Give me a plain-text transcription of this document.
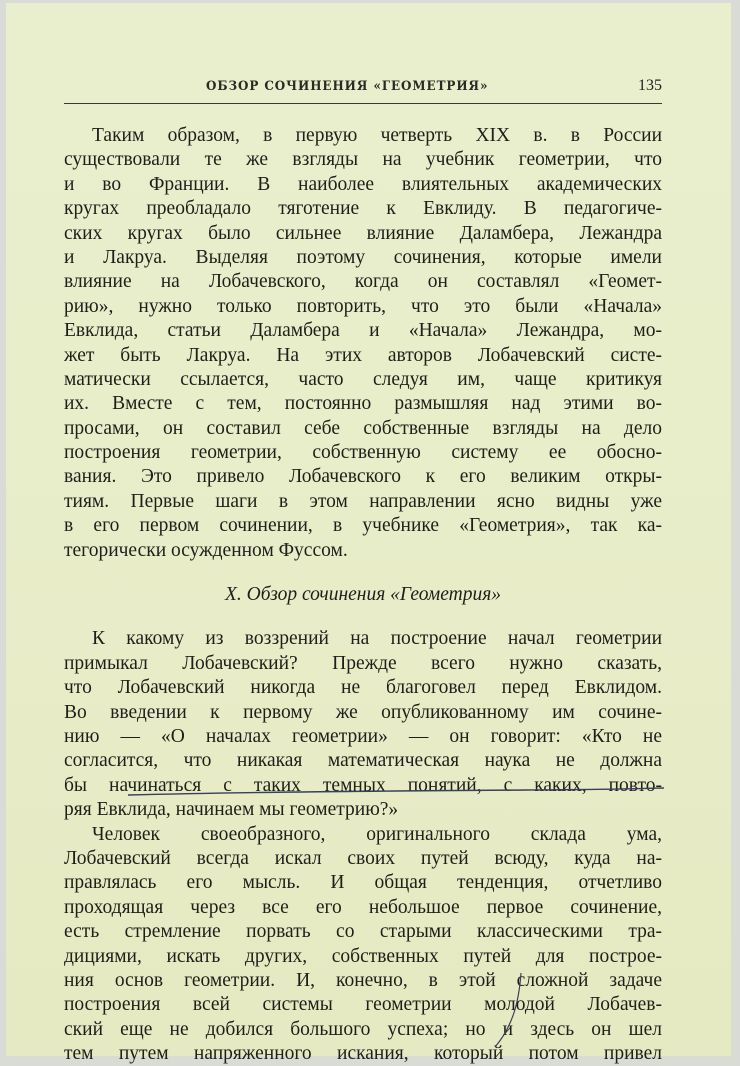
ОБЗОР СОЧИНЕНИЯ «ГЕОМЕТРИЯ»	135
Таким образом, в первую четверть XIX в. в России
существовали те же взгляды на учебник геометрии, что
и во Франции. В наиболее влиятельных академических
кругах преобладало тяготение к Евклиду. В педагогиче-
ских кругах было сильнее влияние Даламбера, Лежандра
и Лакруа. Выделяя поэтому сочинения, которые имели
влияние на Лобачевского, когда он составлял «Геомет-
рию», нужно только повторить, что это были «Начала»
Евклида, статьи Даламбера и «Начала» Лежандра, мо-
жет быть Лакруа. На этих авторов Лобачевский систе-
матически ссылается, часто следуя им, чаще критикуя
их. Вместе с тем, постоянно размышляя над этими во-
просами, он составил себе собственные взгляды на дело
построения геометрии, собственную систему ее обосно-
вания. Это привело Лобачевского к его великим откры-
тиям. Первые шаги в этом направлении ясно видны уже
в его первом сочинении, в учебнике «Геометрия», так ка-
тегорически осужденном Фуссом.
X. Обзор сочинения «Геометрия»
К какому из воззрений на построение начал геометрии
примыкал Лобачевский? Прежде всего нужно сказать,
что Лобачевский никогда не благоговел перед Евклидом.
Во введении к первому же опубликованному им сочине-
нию — «О началах геометрии» — он говорит: «Кто не
согласится, что никакая математическая наука не должна
бы начинаться с таких темных понятий, с каких, повто-
ряя Евклида, начинаем мы геометрию?»
Человек своеобразного, оригинального склада ума,
Лобачевский всегда искал своих путей всюду, куда на-
правлялась его мысль. И общая тенденция, отчетливо
проходящая через все его небольшое первое сочинение,
есть стремление порвать со старыми классическими тра-
дициями, искать других, собственных путей для построе-
ния основ геометрии. И, конечно, в этой сложной задаче
построения всей системы геометрии молодой Лобачев-
ский еще не добился большого успеха; но и здесь он шел
тем путем напряженного искания, который потом привел
